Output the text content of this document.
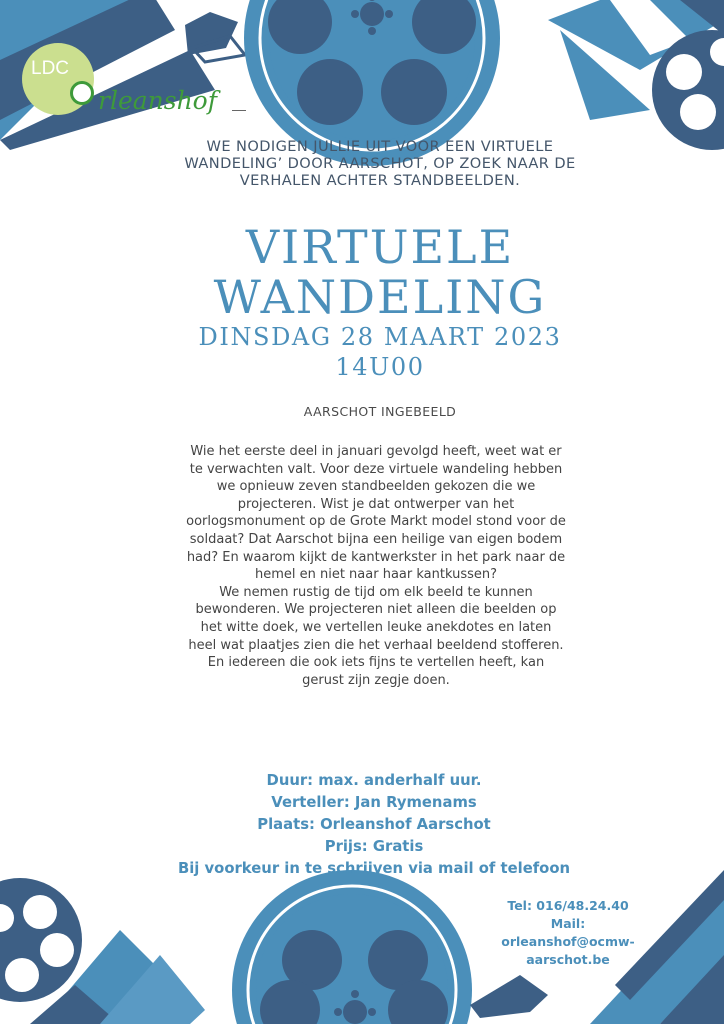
LDC
rleanshof
WE NODIGEN JULLIE UIT VOOR EEN VIRTUELE WANDELING’ DOOR AARSCHOT, OP ZOEK NAAR DE VERHALEN ACHTER STANDBEELDEN.
VIRTUELE
WANDELING
DINSDAG 28 MAART 2023
14U00
AARSCHOT INGEBEELD
Wie het eerste deel in januari gevolgd heeft, weet wat er te verwachten valt. Voor deze virtuele wandeling hebben we opnieuw zeven standbeelden gekozen die we projecteren. Wist je dat ontwerper van het oorlogsmonument op de Grote Markt model stond voor de soldaat? Dat Aarschot bijna een heilige van eigen bodem had? En waarom kijkt de kantwerkster in het park naar de hemel en niet naar haar kantkussen?
We nemen rustig de tijd om elk beeld te kunnen bewonderen. We projecteren niet alleen die beelden op het witte doek, we vertellen leuke anekdotes en laten heel wat plaatjes zien die het verhaal beeldend stofferen.
En iedereen die ook iets fijns te vertellen heeft, kan gerust zijn zegje doen.
Duur: max. anderhalf uur.
Verteller: Jan Rymenams
Plaats: Orleanshof Aarschot
Prijs: Gratis
Bij voorkeur in te schrijven via mail of telefoon
Tel: 016/48.24.40
Mail:
orleanshof@ocmw-
aarschot.be
